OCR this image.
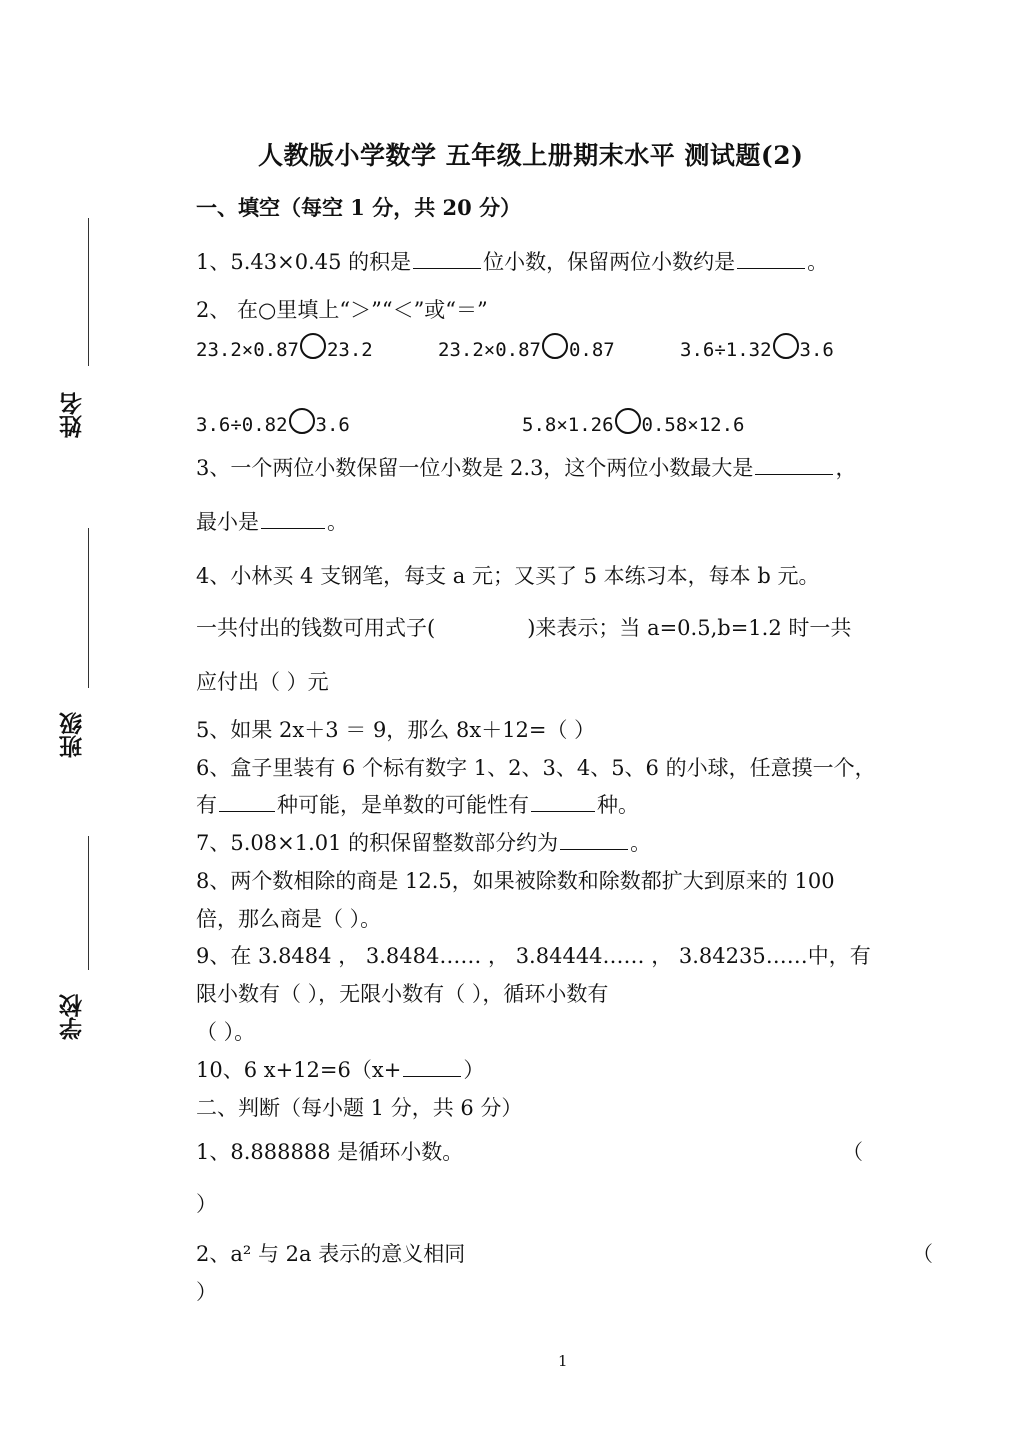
姓名
班级
学校
人教版小学数学 五年级上册期末水平 测试题(2)
一、填空（每空 1 分，共 20 分）
1、5.43×0.45 的积是	位小数，保留两位小数约是	。
2、 在○里填上“＞”“＜”或“＝”
23.2×0.87 23.2	23.2×0.87 0.87	3.6÷1.32 3.6
3.6÷0.82 3.6	5.8×1.26 0.58×12.6
3、一个两位小数保留一位小数是 2.3，这个两位小数最大是	，
最小是	。
4、小林买 4 支钢笔，每支 a 元；又买了 5 本练习本，每本 b 元。
一共付出的钱数可用式子(	)来表示；当 a=0.5,b=1.2 时一共
应付出（ ）元
5、如果 2x＋3 ＝ 9，那么 8x＋12=（ ）
6、盒子里装有 6 个标有数字 1、2、3、4、5、6 的小球，任意摸一个，
有	种可能，是单数的可能性有	种。
7、5.08×1.01 的积保留整数部分约为	。
8、两个数相除的商是 12.5，如果被除数和除数都扩大到原来的 100
倍，那么商是（ ）。
9、在 3.8484 ， 3.8484…… ， 3.84444…… ， 3.84235……中，有
限小数有（ ），无限小数有（ ），循环小数有
（ ）。
10、6 x+12=6（x+	）
二、判断（每小题 1 分，共 6 分）
1、8.888888 是循环小数。	（
）
2、a² 与 2a 表示的意义相同	（
）
1
